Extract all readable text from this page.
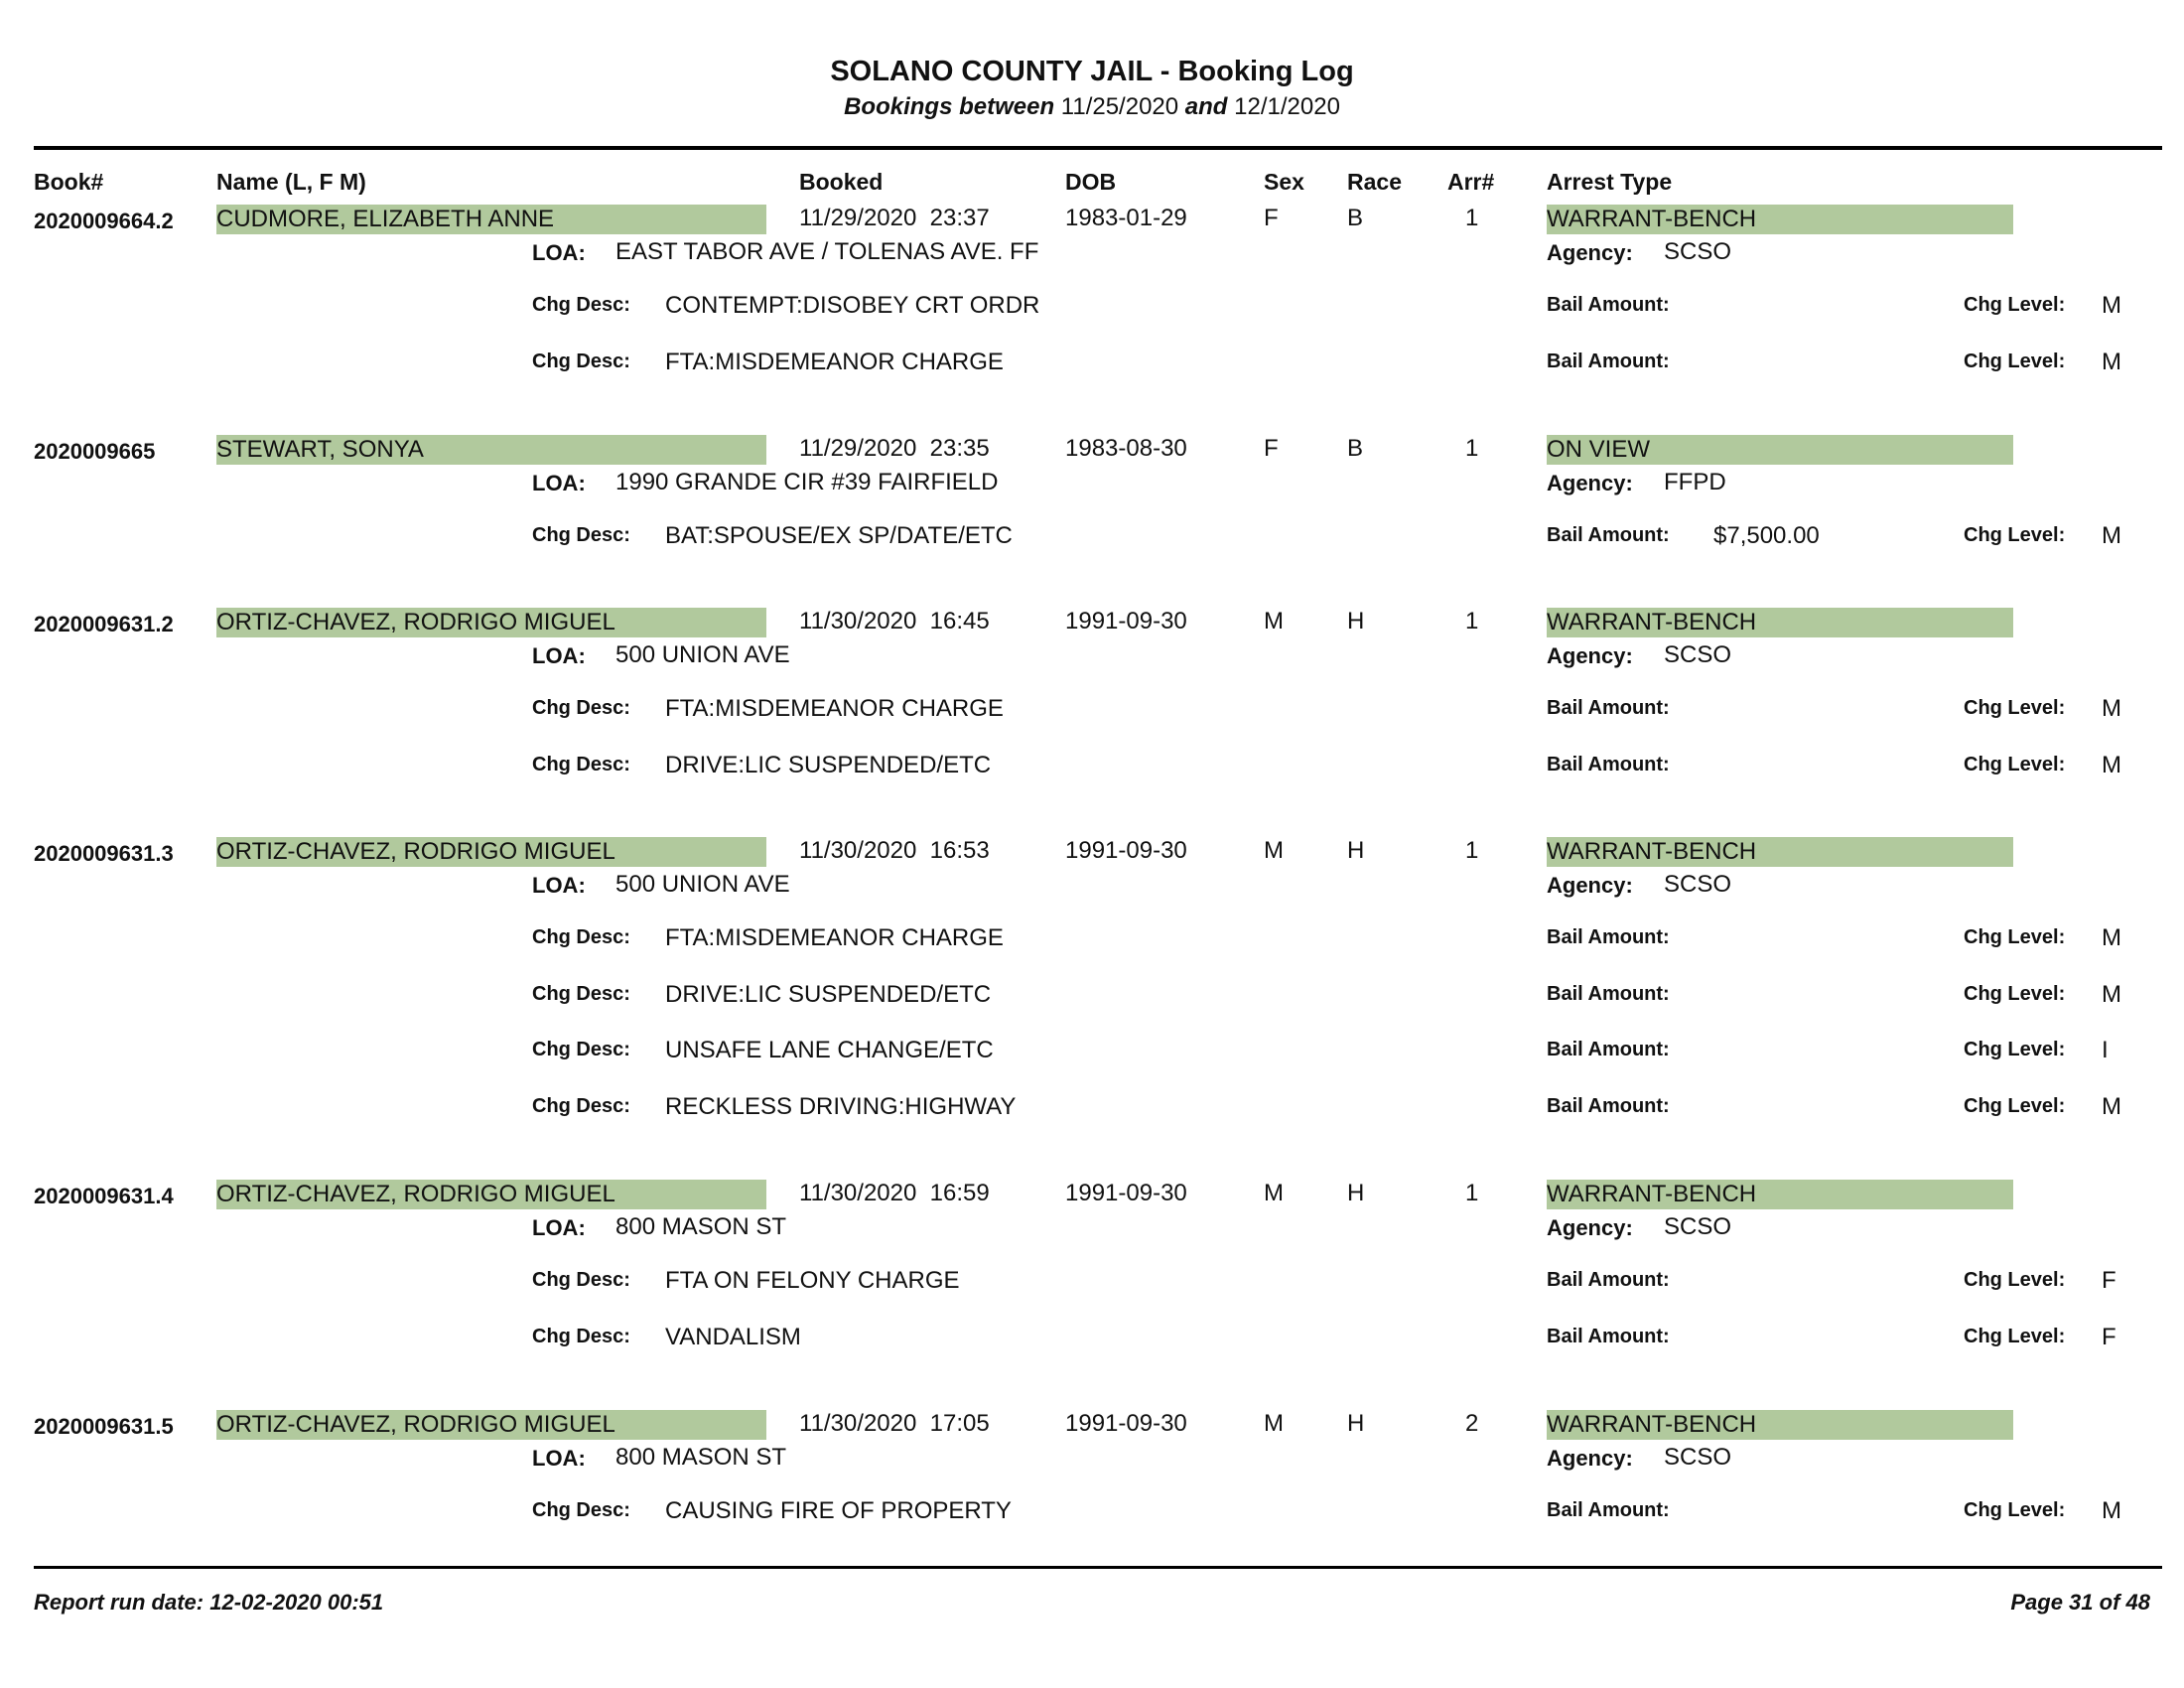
SOLANO COUNTY JAIL - Booking Log
Bookings between 11/25/2020 and 12/1/2020
Book#	Name (L, F M)	Booked	DOB	Sex Race Arr# Arrest Type
2020009664.2 CUDMORE, ELIZABETH ANNE	11/29/2020  23:37	1983-01-29	F	B	1	WARRANT-BENCH
LOA: EAST TABOR AVE / TOLENAS AVE. FF	Agency: SCSO
Chg Desc: CONTEMPT:DISOBEY CRT ORDR	Bail Amount:	Chg Level: M
Chg Desc: FTA:MISDEMEANOR CHARGE	Bail Amount:	Chg Level: M
2020009665	STEWART, SONYA	11/29/2020  23:35	1983-08-30	F	B	1	ON VIEW
LOA: 1990 GRANDE CIR #39 FAIRFIELD	Agency: FFPD
Chg Desc: BAT:SPOUSE/EX SP/DATE/ETC	Bail Amount: $7,500.00	Chg Level: M
2020009631.2 ORTIZ-CHAVEZ, RODRIGO MIGUEL	11/30/2020  16:45	1991-09-30	M	H	1	WARRANT-BENCH
LOA: 500 UNION AVE	Agency: SCSO
Chg Desc: FTA:MISDEMEANOR CHARGE	Bail Amount:	Chg Level: M
Chg Desc: DRIVE:LIC SUSPENDED/ETC	Bail Amount:	Chg Level: M
2020009631.3 ORTIZ-CHAVEZ, RODRIGO MIGUEL	11/30/2020  16:53	1991-09-30	M	H	1	WARRANT-BENCH
LOA: 500 UNION AVE	Agency: SCSO
Chg Desc: FTA:MISDEMEANOR CHARGE	Bail Amount:	Chg Level: M
Chg Desc: DRIVE:LIC SUSPENDED/ETC	Bail Amount:	Chg Level: M
Chg Desc: UNSAFE LANE CHANGE/ETC	Bail Amount:	Chg Level: I
Chg Desc: RECKLESS DRIVING:HIGHWAY	Bail Amount:	Chg Level: M
2020009631.4 ORTIZ-CHAVEZ, RODRIGO MIGUEL	11/30/2020  16:59	1991-09-30	M	H	1	WARRANT-BENCH
LOA: 800 MASON ST	Agency: SCSO
Chg Desc: FTA ON FELONY CHARGE	Bail Amount:	Chg Level: F
Chg Desc: VANDALISM	Bail Amount:	Chg Level: F
2020009631.5 ORTIZ-CHAVEZ, RODRIGO MIGUEL	11/30/2020  17:05	1991-09-30	M	H	2	WARRANT-BENCH
LOA: 800 MASON ST	Agency: SCSO
Chg Desc: CAUSING FIRE OF PROPERTY	Bail Amount:	Chg Level: M
Report run date: 12-02-2020 00:51	Page 31 of 48
